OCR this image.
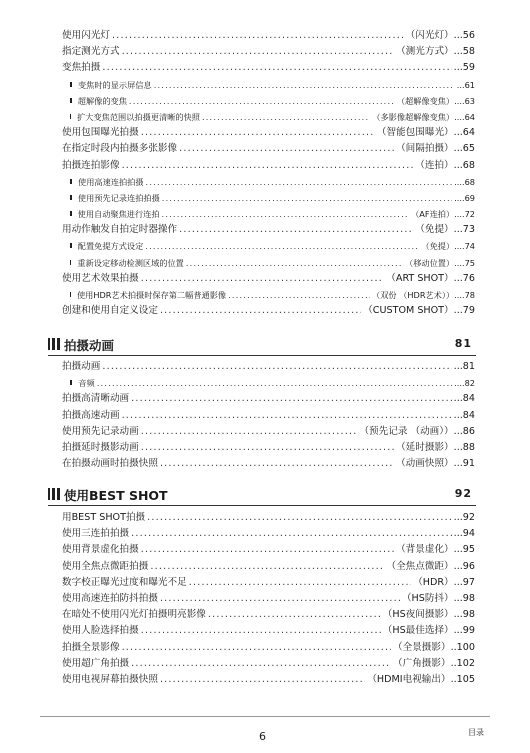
使用闪光灯 .....	（闪光灯）...56
指定测光方式 .....	（测光方式）...58
变焦拍摄 .....	...59
变焦时的显示屏信息 .....	...61
超解像的变焦 .....	（超解像变焦）....63
扩大变焦范围以拍摄更清晰的快照 .....	（多影像超解像变焦）....64
使用包围曝光拍摄 .....	（智能包围曝光）...64
在指定时段内拍摄多张影像 .....	（间隔拍摄）...65
拍摄连拍影像 .....	（连拍）...68
使用高速连拍拍摄 .....	....68
使用预先记录连拍拍摄 .....	....69
使用自动聚焦进行连拍 .....	（AF连拍）....72
用动作触发自拍定时器操作 .....	（免提）...73
配置免提方式设定 .....	（免提）....74
重新设定移动检测区域的位置 .....	（移动位置）....75
使用艺术效果拍摄 .....	（ART SHOT）...76
使用HDR艺术拍摄时保存第二幅普通影像 .....	（双份 （HDR艺术））....78
创建和使用自定义设定 .....	（CUSTOM SHOT）...79
拍摄动画	81
拍摄动画 .....	...81
音频 .....	....82
拍摄高清晰动画 .....	...84
拍摄高速动画 .....	...84
使用预先记录动画 .....	（预先记录 （动画））...86
拍摄延时摄影动画 .....	（延时摄影）...88
在拍摄动画时拍摄快照 .....	（动画快照）...91
使用BEST SHOT	92
用BEST SHOT拍摄 .....	...92
使用三连拍拍摄 .....	...94
使用背景虚化拍摄 .....	（背景虚化）...95
使用全焦点微距拍摄 .....	（全焦点微距）...96
数字校正曝光过度和曝光不足 .....	（HDR）...97
使用高速连拍防抖拍摄 .....	（HS防抖）...98
在暗处不使用闪光灯拍摄明亮影像 .....	（HS夜间摄影）...98
使用人脸选择拍摄 .....	（HS最佳选择）...99
拍摄全景影像 .....	（全景摄影）..100
使用超广角拍摄 .....	（广角摄影）..102
使用电视屏幕拍摄快照 .....	（HDMI电视输出）..105
6	目录
